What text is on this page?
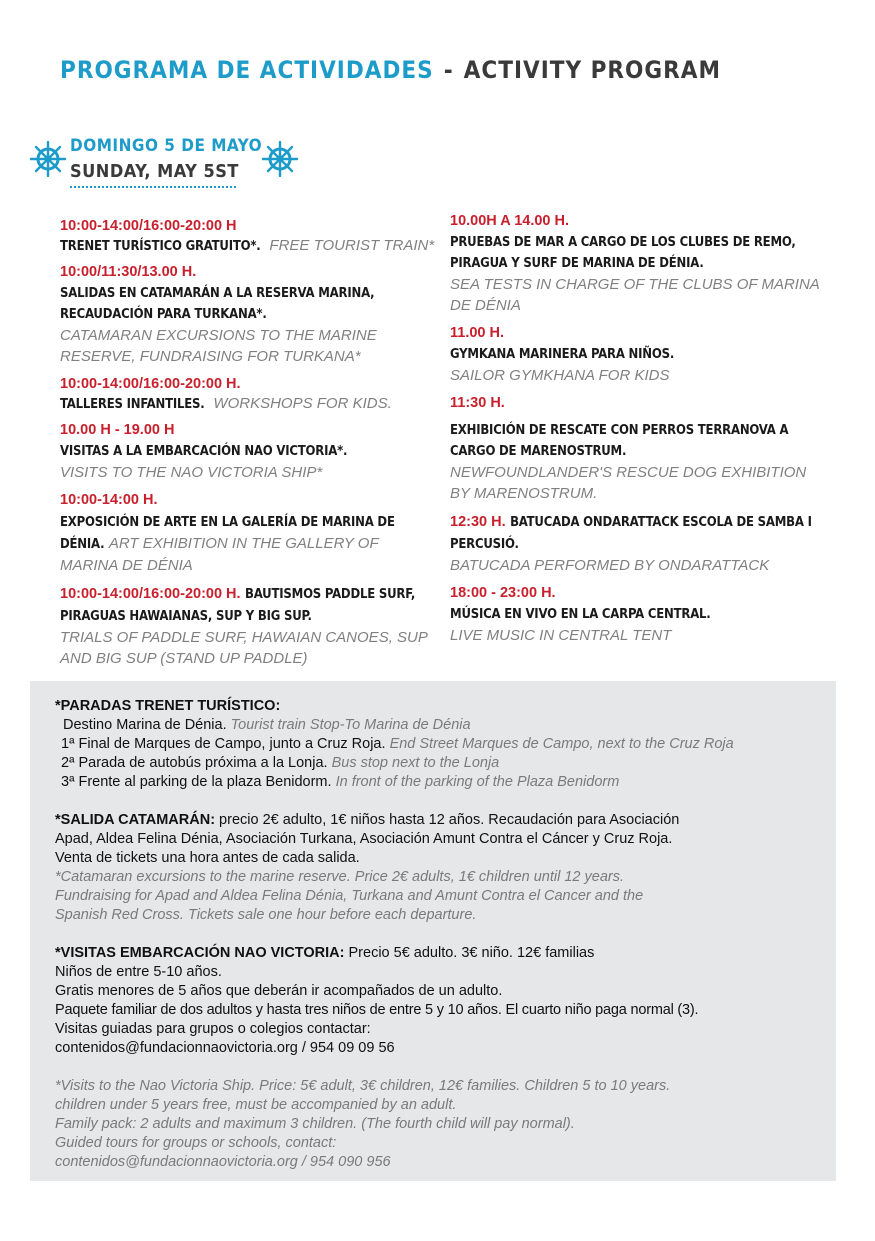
PROGRAMA DE ACTIVIDADES - ACTIVITY PROGRAM
DOMINGO 5 DE MAYO
SUNDAY, MAY 5ST
10:00-14:00/16:00-20:00 H
TRENET TURÍSTICO GRATUITO*. FREE TOURIST TRAIN*
10:00/11:30/13.00 H.
SALIDAS EN CATAMARÁN A LA RESERVA MARINA, RECAUDACIÓN PARA TURKANA*.
CATAMARAN EXCURSIONS TO THE MARINE RESERVE, FUNDRAISING FOR TURKANA*
10:00-14:00/16:00-20:00 H.
TALLERES INFANTILES. WORKSHOPS FOR KIDS.
10.00 H - 19.00 H
VISITAS A LA EMBARCACIÓN NAO VICTORIA*.
VISITS TO THE NAO VICTORIA SHIP*
10:00-14:00 H.
EXPOSICIÓN DE ARTE EN LA GALERÍA DE MARINA DE DÉNIA. ART EXHIBITION IN THE GALLERY OF MARINA DE DÉNIA
10:00-14:00/16:00-20:00 H. BAUTISMOS PADDLE SURF, PIRAGUAS HAWAIANAS, SUP Y BIG SUP.
TRIALS OF PADDLE SURF, HAWAIAN CANOES, SUP AND BIG SUP (STAND UP PADDLE)
10.00H A 14.00 H.
PRUEBAS DE MAR A CARGO DE LOS CLUBES DE REMO, PIRAGUA Y SURF DE MARINA DE DÉNIA.
SEA TESTS IN CHARGE OF THE CLUBS OF MARINA DE DÉNIA
11.00 H.
GYMKANA MARINERA PARA NIÑOS.
SAILOR GYMKHANA FOR KIDS
11:30 H.
EXHIBICIÓN DE RESCATE CON PERROS TERRANOVA A CARGO DE MARENOSTRUM.
NEWFOUNDLANDER'S RESCUE DOG EXHIBITION BY MARENOSTRUM.
12:30 H. BATUCADA ONDARATTACK ESCOLA DE SAMBA I PERCUSIÓ.
BATUCADA PERFORMED BY ONDARATTACK
18:00 - 23:00 H.
MÚSICA EN VIVO EN LA CARPA CENTRAL.
LIVE MUSIC IN CENTRAL TENT
*PARADAS TRENET TURÍSTICO:
Destino Marina de Dénia. Tourist train Stop-To Marina de Dénia
1ª Final de Marques de Campo, junto a Cruz Roja. End Street Marques de Campo, next to the Cruz Roja
2ª Parada de autobús próxima a la Lonja. Bus stop next to the Lonja
3ª Frente al parking de la plaza Benidorm. In front of the parking of the Plaza Benidorm
*SALIDA CATAMARÁN: precio 2€ adulto, 1€ niños hasta 12 años. Recaudación para Asociación
Apad, Aldea Felina Dénia, Asociación Turkana, Asociación Amunt Contra el Cáncer y Cruz Roja.
Venta de tickets una hora antes de cada salida.
*Catamaran excursions to the marine reserve. Price 2€ adults, 1€ children until 12 years.
Fundraising for Apad and Aldea Felina Dénia, Turkana and Amunt Contra el Cancer and the
Spanish Red Cross. Tickets sale one hour before each departure.
*VISITAS EMBARCACIÓN NAO VICTORIA: Precio 5€ adulto. 3€ niño. 12€ familias
Niños de entre 5-10 años.
Gratis menores de 5 años que deberán ir acompañados de un adulto.
Paquete familiar de dos adultos y hasta tres niños de entre 5 y 10 años. El cuarto niño paga normal (3).
Visitas guiadas para grupos o colegios contactar:
contenidos@fundacionnaovictoria.org / 954 09 09 56
*Visits to the Nao Victoria Ship. Price: 5€ adult, 3€ children, 12€ families. Children 5 to 10 years.
children under 5 years free, must be accompanied by an adult.
Family pack: 2 adults and maximum 3 children. (The fourth child will pay normal).
Guided tours for groups or schools, contact:
contenidos@fundacionnaovictoria.org / 954 090 956
